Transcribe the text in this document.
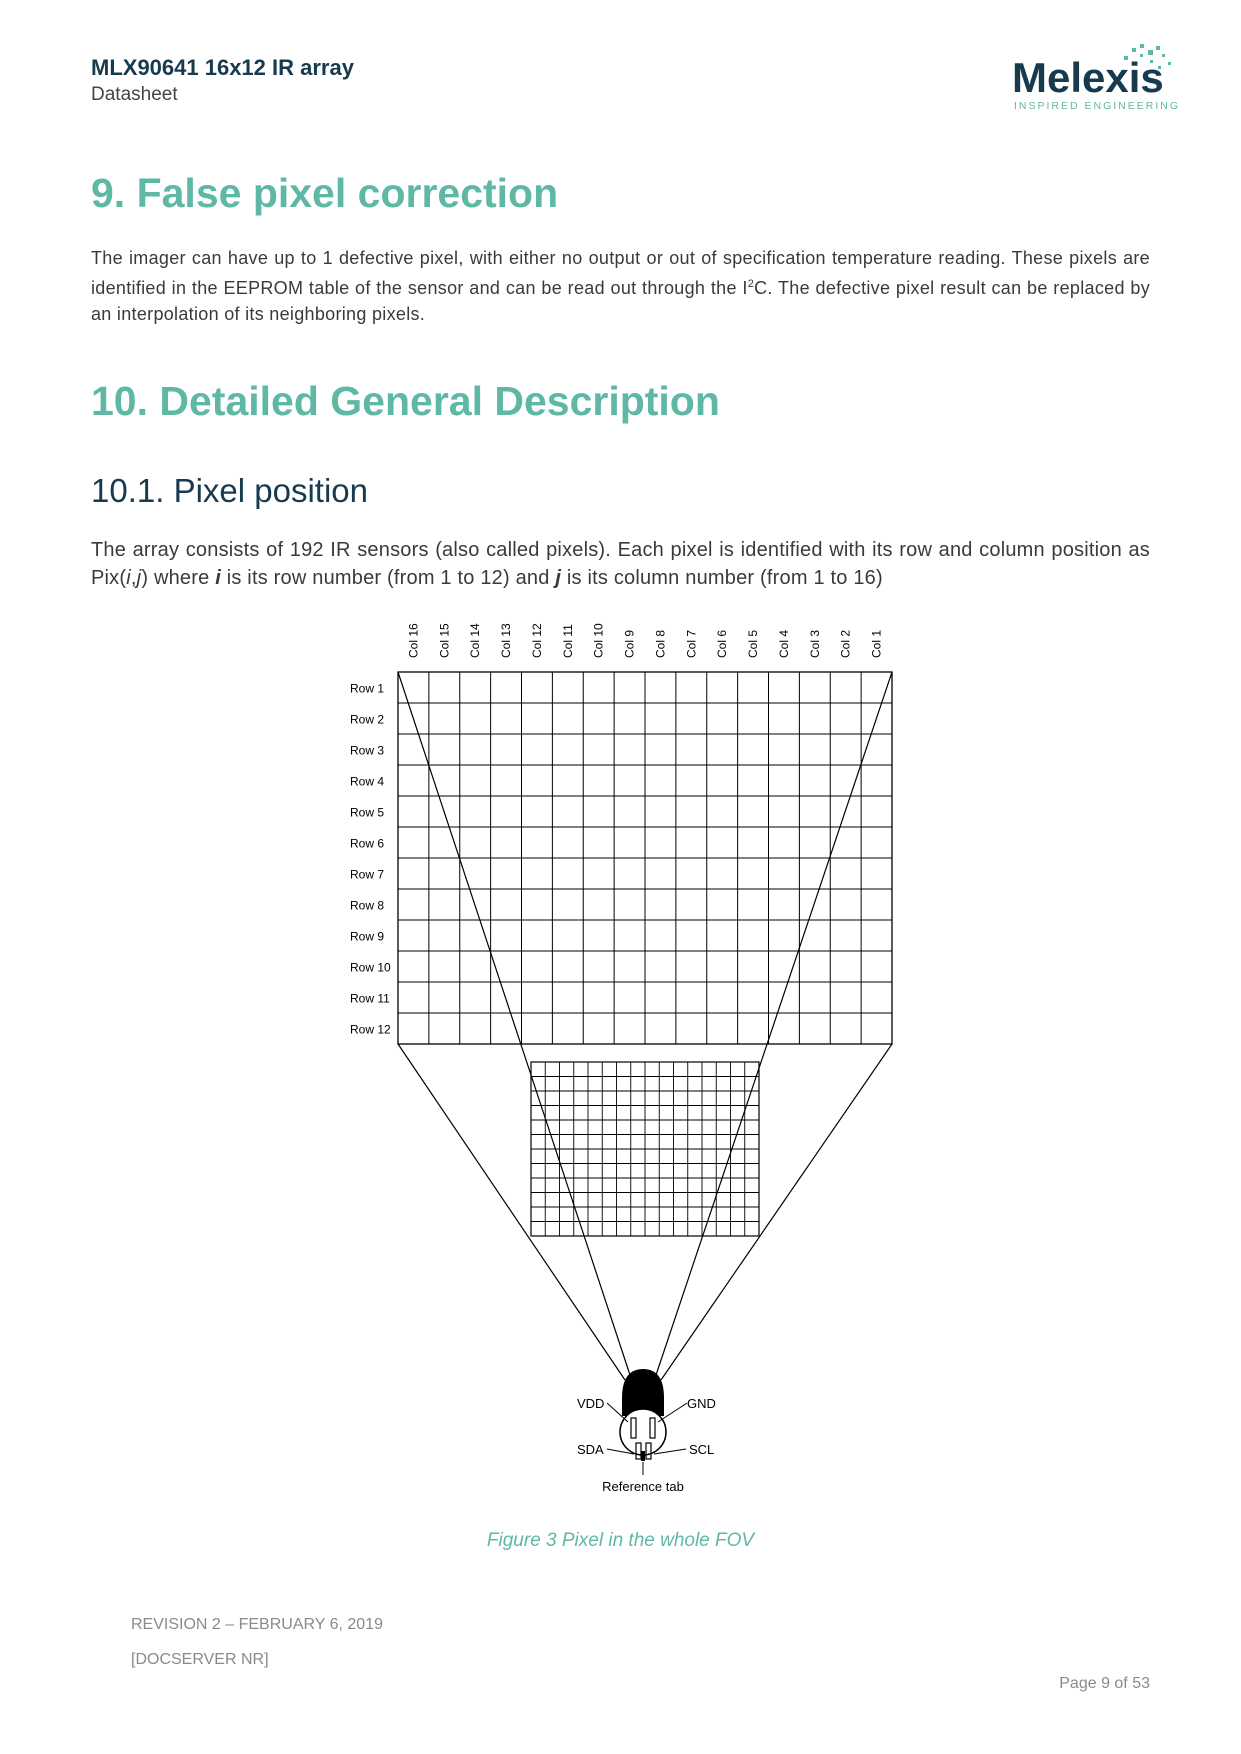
MLX90641 16x12 IR array
Datasheet	Melexis
INSPIRED ENGINEERING
9. False pixel correction

The imager can have up to 1 defective pixel, with either no output or out of specification temperature reading. These pixels are identified in the EEPROM table of the sensor and can be read out through the $I^2C$. The defective pixel result can be replaced by an interpolation of its neighboring pixels.

10. Detailed General Description
10.1. Pixel position

The array consists of 192 IR sensors (also called pixels). Each pixel is identified with its row and column position as Pix(i,j) where i is its row number (from 1 to 12) and j is its column number (from 1 to 16)

Col 16 Col 15 Col 14 Col 13 Col 12 Col 11 Col 10 Col 9 Col 8 Col 7 Col 6 Col 5 Col 4 Col 3 Col 2 Col 1
Row 1
Row 2
Row 3
Row 4
Row 5
Row 6
Row 7
Row 8
Row 9
Row 10
Row 11
Row 12
VDD	GND
SDA	SCL
Reference tab
Figure 3 Pixel in the whole FOV
REVISION 2 – FEBRUARY 6, 2019
[DOCSERVER NR]
Page 9 of 53
